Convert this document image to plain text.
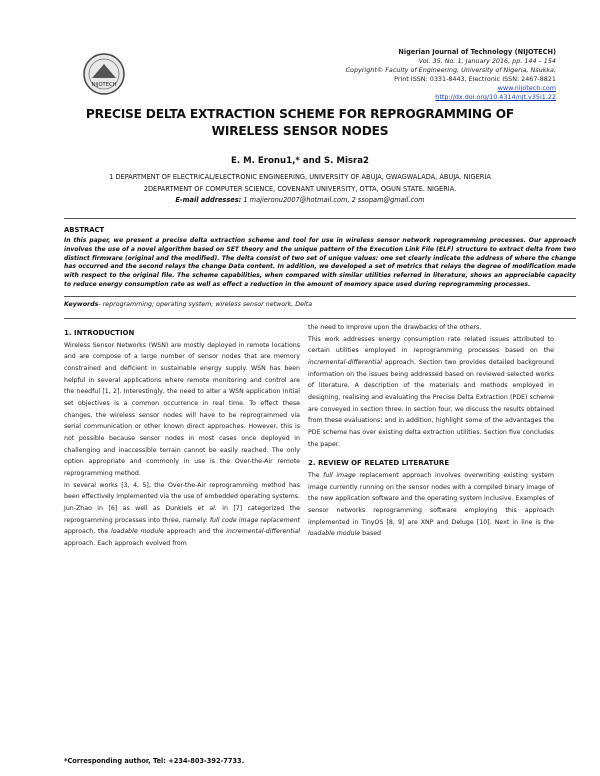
NIJOTECH
Nigerian Journal of Technology (NIJOTECH)
Vol. 35, No. 1, January 2016, pp. 144 – 154
Copyright© Faculty of Engineering, University of Nigeria, Nsukka,
Print ISSN: 0331-8443, Electronic ISSN: 2467-8821
www.nijotech.com
http://dx.doi.org/10.4314/njt.v35i1.22
PRECISE DELTA EXTRACTION SCHEME FOR REPROGRAMMING OF
WIRELESS SENSOR NODES
E. M. Eronu1,* and S. Misra2
1 DEPARTMENT OF ELECTRICAL/ELECTRONIC ENGINEERING, UNIVERSITY OF ABUJA, GWAGWALADA, ABUJA. NIGERIA
2DEPARTMENT OF COMPUTER SCIENCE, COVENANT UNIVERSITY, OTTA, OGUN STATE. NIGERIA.
E-mail addresses: 1 majieronu2007@hotmail.com, 2 ssopam@gmail.com
ABSTRACT
In this paper, we present a precise delta extraction scheme and tool for use in wireless sensor network reprogramming processes. Our approach involves the use of a novel algorithm based on SET theory and the unique pattern of the Execution Link File (ELF) structure to extract delta from two distinct firmware (original and the modified). The delta consist of two set of unique values: one set clearly indicate the address of where the change has occurred and the second relays the change Data content. In addition, we developed a set of metrics that relays the degree of modification made with respect to the original file. The scheme capabilities, when compared with similar utilities referred in literature, shows an appreciable capacity to reduce energy consumption rate as well as effect a reduction in the amount of memory space used during reprogramming processes.
Keywords- reprogramming; operating system, wireless sensor network, Delta
1. INTRODUCTION

Wireless Sensor Networks (WSN) are mostly deployed in remote locations and are compose of a large number of sensor nodes that are memory constrained and deficient in sustainable energy supply. WSN has been helpful in several applications where remote monitoring and control are the needful [1, 2]. Interestingly, the need to alter a WSN application initial set objectives is a common occurrence in real time. To effect these changes, the wireless sensor nodes will have to be reprogrammed via serial communication or other known direct approaches. However, this is not possible because sensor nodes in most cases once deployed in challenging and inaccessible terrain cannot be easily reached. The only option appropriate and commonly in use is the Over-the-Air remote reprogramming method.

In several works [3, 4, 5], the Over-the-Air reprogramming method has been effectively implemented via the use of embedded operating systems. Jun-Zhao in [6] as well as Dunkiels et al. in [7] categorized the reprogramming processes into three, namely: full code image replacement approach, the loadable module approach and the incremental-differential approach. Each approach evolved from

the need to improve upon the drawbacks of the others.

This work addresses energy consumption rate related issues attributed to certain utilities employed in reprogramming processes based on the incremental-differential approach. Section two provides detailed background information on the issues being addressed based on reviewed selected works of literature. A description of the materials and methods employed in designing, realising and evaluating the Precise Delta Extraction (PDE) scheme are conveyed in section three. In section four, we discuss the results obtained from these evaluations; and in addition, highlight some of the advantages the PDE scheme has over existing delta extraction utilities. Section five concludes the paper.

2. REVIEW OF RELATED LITERATURE

The full image replacement approach involves overwriting existing system image currently running on the sensor nodes with a compiled binary image of the new application software and the operating system inclusive. Examples of sensor networks reprogramming software employing this approach implemented in TinyOS [8, 9] are XNP and Deluge [10]. Next in line is the loadable module based

*Corresponding author, Tel: +234-803-392-7733.
